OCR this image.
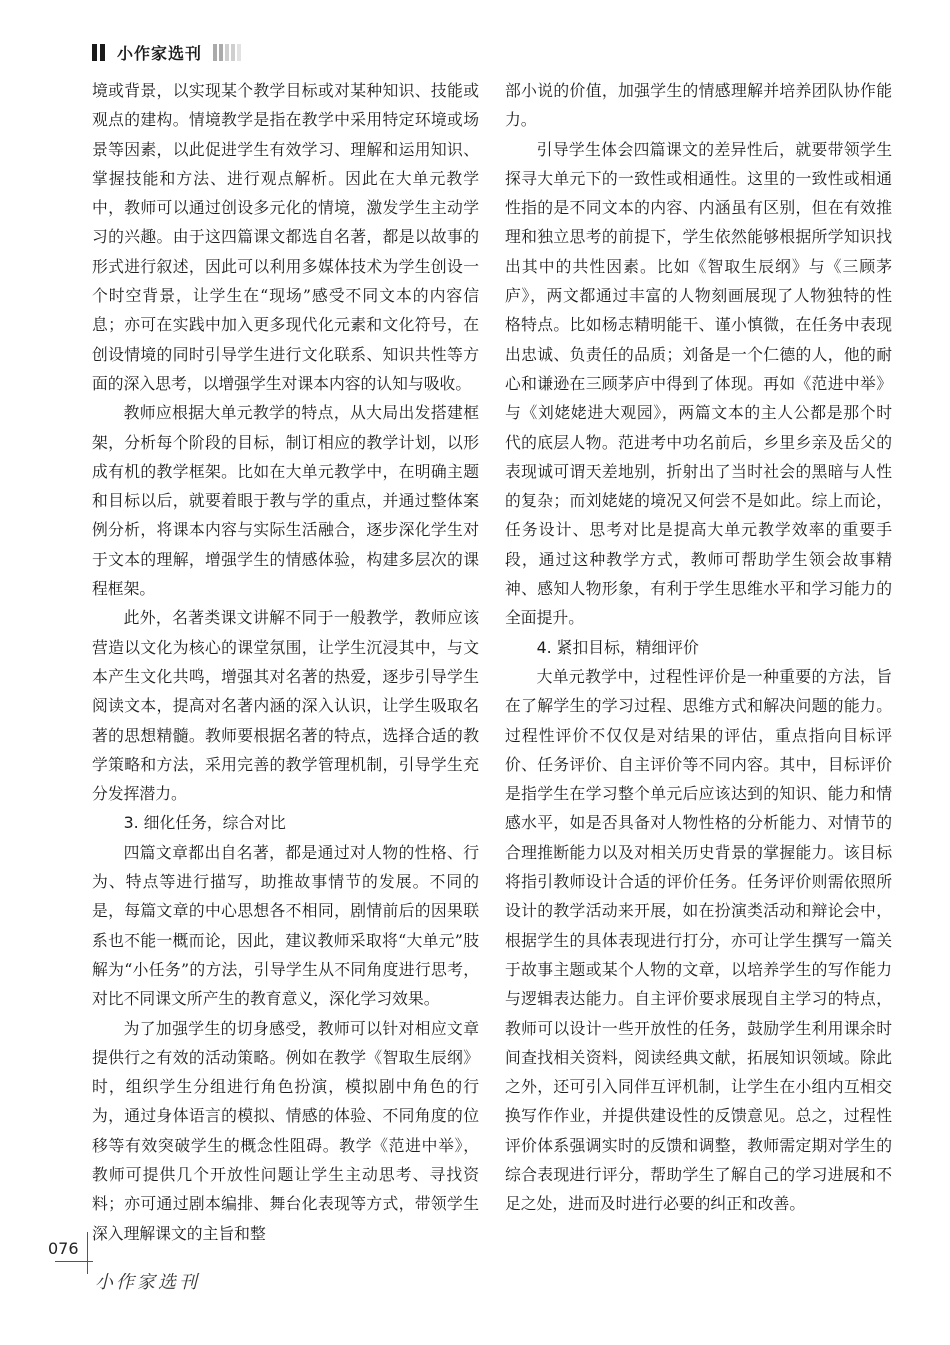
小作家选刊

境或背景，以实现某个教学目标或对某种知识、技能或观点的建构。情境教学是指在教学中采用特定环境或场景等因素，以此促进学生有效学习、理解和运用知识、掌握技能和方法、进行观点解析。因此在大单元教学中，教师可以通过创设多元化的情境，激发学生主动学习的兴趣。由于这四篇课文都选自名著，都是以故事的形式进行叙述，因此可以利用多媒体技术为学生创设一个时空背景，让学生在“现场”感受不同文本的内容信息；亦可在实践中加入更多现代化元素和文化符号，在创设情境的同时引导学生进行文化联系、知识共性等方面的深入思考，以增强学生对课本内容的认知与吸收。

教师应根据大单元教学的特点，从大局出发搭建框架，分析每个阶段的目标，制订相应的教学计划，以形成有机的教学框架。比如在大单元教学中，在明确主题和目标以后，就要着眼于教与学的重点，并通过整体案例分析，将课本内容与实际生活融合，逐步深化学生对于文本的理解，增强学生的情感体验，构建多层次的课程框架。

此外，名著类课文讲解不同于一般教学，教师应该营造以文化为核心的课堂氛围，让学生沉浸其中，与文本产生文化共鸣，增强其对名著的热爱，逐步引导学生阅读文本，提高对名著内涵的深入认识，让学生吸取名著的思想精髓。教师要根据名著的特点，选择合适的教学策略和方法，采用完善的教学管理机制，引导学生充分发挥潜力。

3. 细化任务，综合对比

四篇文章都出自名著，都是通过对人物的性格、行为、特点等进行描写，助推故事情节的发展。不同的是，每篇文章的中心思想各不相同，剧情前后的因果联系也不能一概而论，因此，建议教师采取将“大单元”肢解为“小任务”的方法，引导学生从不同角度进行思考，对比不同课文所产生的教育意义，深化学习效果。

为了加强学生的切身感受，教师可以针对相应文章提供行之有效的活动策略。例如在教学《智取生辰纲》时，组织学生分组进行角色扮演，模拟剧中角色的行为，通过身体语言的模拟、情感的体验、不同角度的位移等有效突破学生的概念性阻碍。教学《范进中举》，教师可提供几个开放性问题让学生主动思考、寻找资料；亦可通过剧本编排、舞台化表现等方式，带领学生深入理解课文的主旨和整

部小说的价值，加强学生的情感理解并培养团队协作能力。

引导学生体会四篇课文的差异性后，就要带领学生探寻大单元下的一致性或相通性。这里的一致性或相通性指的是不同文本的内容、内涵虽有区别，但在有效推理和独立思考的前提下，学生依然能够根据所学知识找出其中的共性因素。比如《智取生辰纲》与《三顾茅庐》，两文都通过丰富的人物刻画展现了人物独特的性格特点。比如杨志精明能干、谨小慎微，在任务中表现出忠诚、负责任的品质；刘备是一个仁德的人，他的耐心和谦逊在三顾茅庐中得到了体现。再如《范进中举》与《刘姥姥进大观园》，两篇文本的主人公都是那个时代的底层人物。范进考中功名前后，乡里乡亲及岳父的表现诚可谓天差地别，折射出了当时社会的黑暗与人性的复杂；而刘姥姥的境况又何尝不是如此。综上而论，任务设计、思考对比是提高大单元教学效率的重要手段，通过这种教学方式，教师可帮助学生领会故事精神、感知人物形象，有利于学生思维水平和学习能力的全面提升。

4. 紧扣目标，精细评价

大单元教学中，过程性评价是一种重要的方法，旨在了解学生的学习过程、思维方式和解决问题的能力。过程性评价不仅仅是对结果的评估，重点指向目标评价、任务评价、自主评价等不同内容。其中，目标评价是指学生在学习整个单元后应该达到的知识、能力和情感水平，如是否具备对人物性格的分析能力、对情节的合理推断能力以及对相关历史背景的掌握能力。该目标将指引教师设计合适的评价任务。任务评价则需依照所设计的教学活动来开展，如在扮演类活动和辩论会中，根据学生的具体表现进行打分，亦可让学生撰写一篇关于故事主题或某个人物的文章，以培养学生的写作能力与逻辑表达能力。自主评价要求展现自主学习的特点，教师可以设计一些开放性的任务，鼓励学生利用课余时间查找相关资料，阅读经典文献，拓展知识领域。除此之外，还可引入同伴互评机制，让学生在小组内互相交换写作作业，并提供建设性的反馈意见。总之，过程性评价体系强调实时的反馈和调整，教师需定期对学生的综合表现进行评分，帮助学生了解自己的学习进展和不足之处，进而及时进行必要的纠正和改善。

076
小作家选刊
